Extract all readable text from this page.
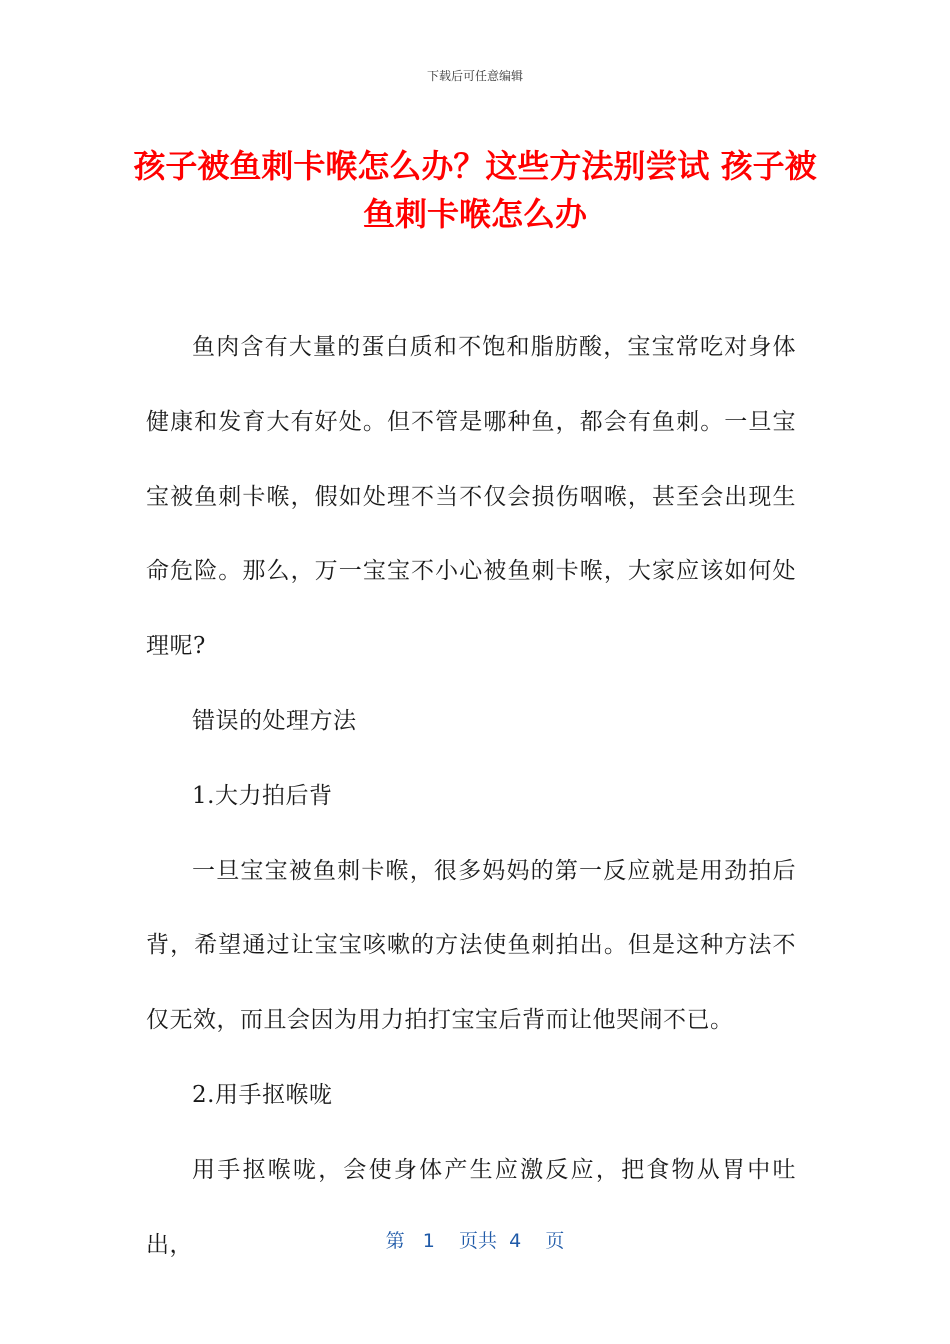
下载后可任意编辑
孩子被鱼刺卡喉怎么办？这些方法别尝试 孩子被鱼刺卡喉怎么办

鱼肉含有大量的蛋白质和不饱和脂肪酸，宝宝常吃对身体健康和发育大有好处。但不管是哪种鱼，都会有鱼刺。一旦宝宝被鱼刺卡喉，假如处理不当不仅会损伤咽喉，甚至会出现生命危险。那么，万一宝宝不小心被鱼刺卡喉，大家应该如何处理呢?

错误的处理方法

1.大力拍后背

一旦宝宝被鱼刺卡喉，很多妈妈的第一反应就是用劲拍后背，希望通过让宝宝咳嗽的方法使鱼刺拍出。但是这种方法不仅无效，而且会因为用力拍打宝宝后背而让他哭闹不已。

2.用手抠喉咙

用手抠喉咙，会使身体产生应激反应，把食物从胃中吐出，	第 1 页共 4 页
